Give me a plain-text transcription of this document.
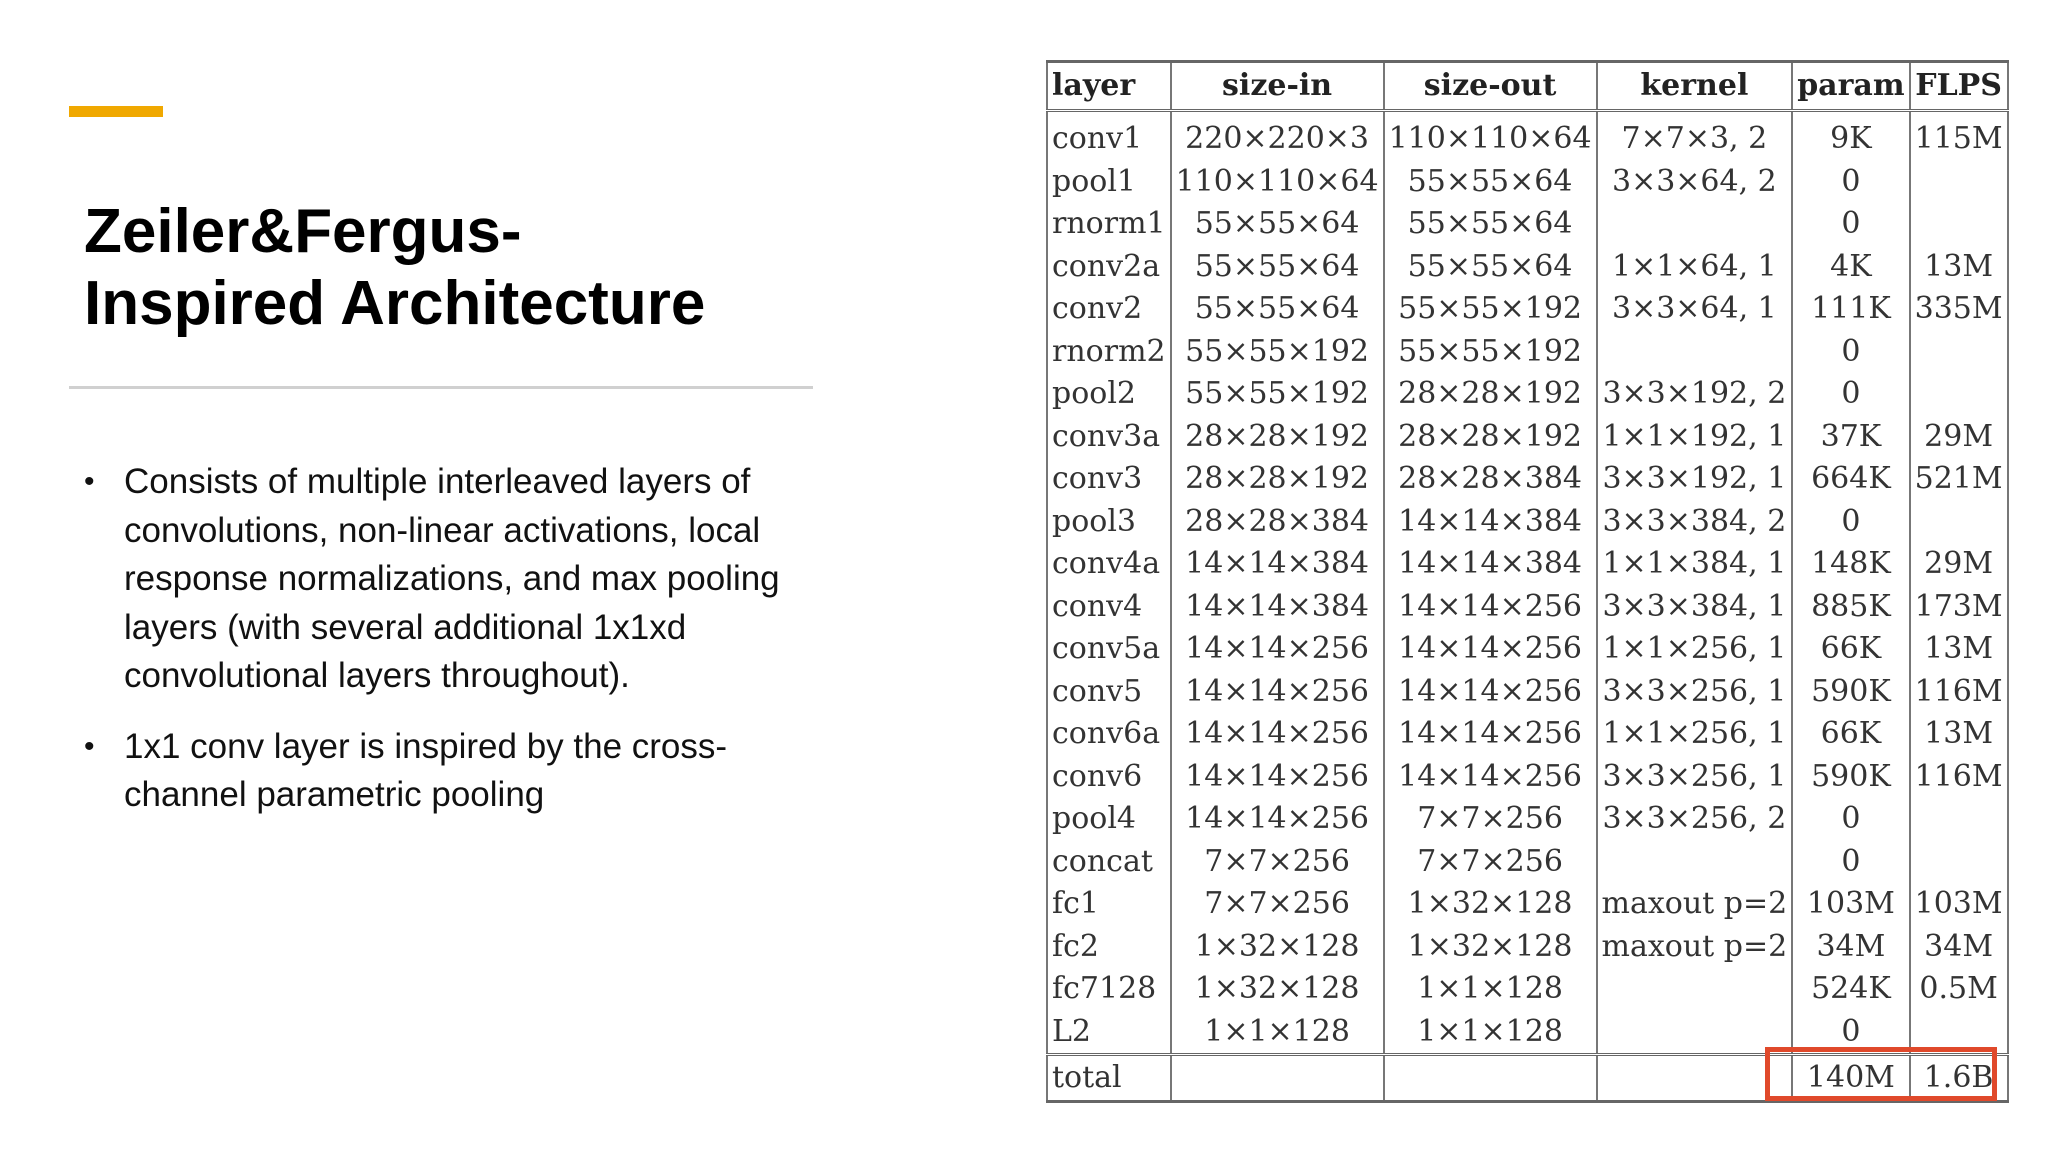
Zeiler&Fergus-
Inspired Architecture
• Consists of multiple interleaved layers of convolutions, non-linear activations, local response normalizations, and max pooling layers (with several additional 1x1xd convolutional layers throughout).
• 1x1 conv layer is inspired by the cross-channel parametric pooling
layer	size-in	size-out	kernel	param	FLPS
conv1	220×220×3	110×110×64	7×7×3, 2	9K	115M
pool1	110×110×64	55×55×64	3×3×64, 2	0	
rnorm1	55×55×64	55×55×64		0	
conv2a	55×55×64	55×55×64	1×1×64, 1	4K	13M
conv2	55×55×64	55×55×192	3×3×64, 1	111K	335M
rnorm2	55×55×192	55×55×192		0	
pool2	55×55×192	28×28×192	3×3×192, 2	0	
conv3a	28×28×192	28×28×192	1×1×192, 1	37K	29M
conv3	28×28×192	28×28×384	3×3×192, 1	664K	521M
pool3	28×28×384	14×14×384	3×3×384, 2	0	
conv4a	14×14×384	14×14×384	1×1×384, 1	148K	29M
conv4	14×14×384	14×14×256	3×3×384, 1	885K	173M
conv5a	14×14×256	14×14×256	1×1×256, 1	66K	13M
conv5	14×14×256	14×14×256	3×3×256, 1	590K	116M
conv6a	14×14×256	14×14×256	1×1×256, 1	66K	13M
conv6	14×14×256	14×14×256	3×3×256, 1	590K	116M
pool4	14×14×256	7×7×256	3×3×256, 2	0	
concat	7×7×256	7×7×256		0	
fc1	7×7×256	1×32×128	maxout p=2	103M	103M
fc2	1×32×128	1×32×128	maxout p=2	34M	34M
fc7128	1×32×128	1×1×128		524K	0.5M
L2	1×1×128	1×1×128		0	
total				140M	1.6B
